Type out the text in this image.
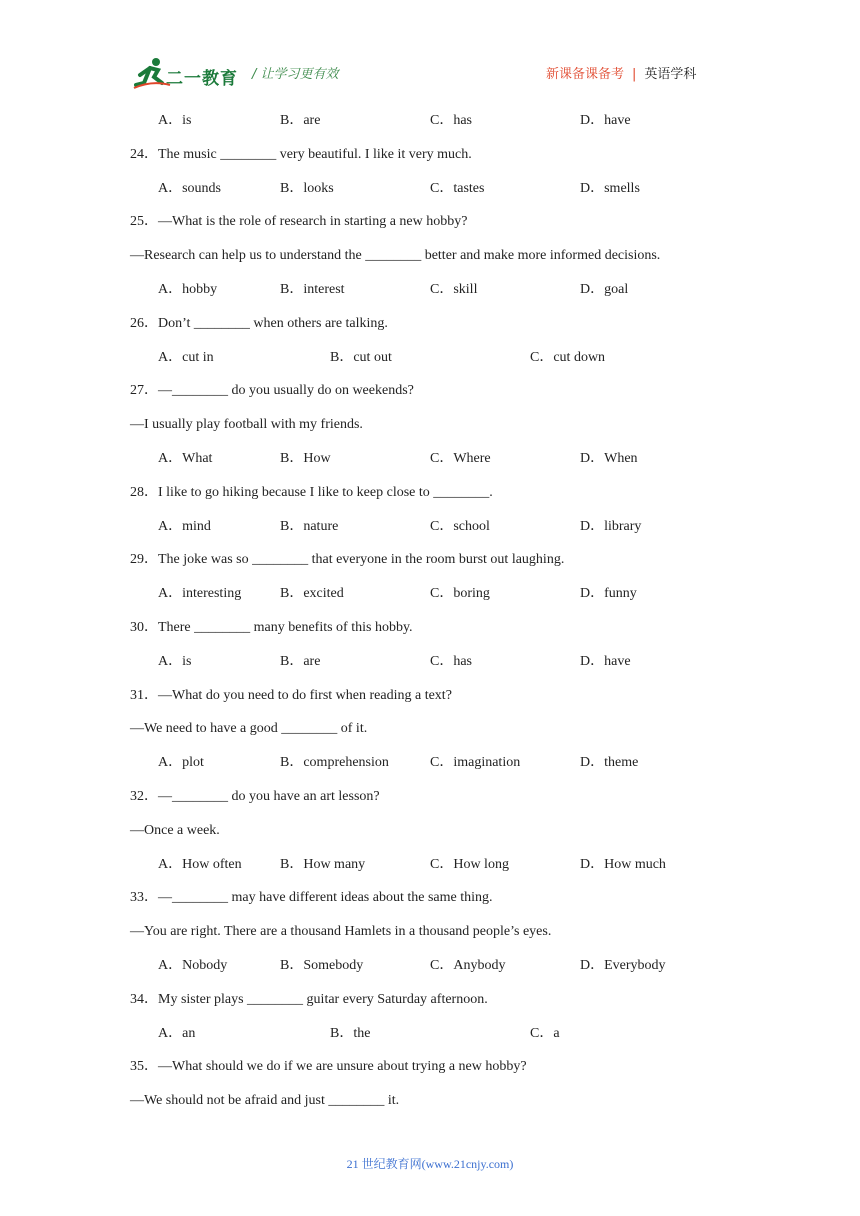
二一教育 / 让学习更有效	新课备课备考 | 英语学科
A．is	B．are	C．has	D．have
24．The music ________ very beautiful. I like it very much.
A．sounds	B．looks	C．tastes	D．smells
25．—What is the role of research in starting a new hobby?
—Research can help us to understand the ________ better and make more informed decisions.
A．hobby	B．interest	C．skill	D．goal
26．Don’t ________ when others are talking.
A．cut in	B．cut out	C．cut down
27．—________ do you usually do on weekends?
—I usually play football with my friends.
A．What	B．How	C．Where	D．When
28．I like to go hiking because I like to keep close to ________.
A．mind	B．nature	C．school	D．library
29．The joke was so ________ that everyone in the room burst out laughing.
A．interesting	B．excited	C．boring	D．funny
30．There ________ many benefits of this hobby.
A．is	B．are	C．has	D．have
31．—What do you need to do first when reading a text?
—We need to have a good ________ of it.
A．plot	B．comprehension	C．imagination	D．theme
32．—________ do you have an art lesson?
—Once a week.
A．How often	B．How many	C．How long	D．How much
33．—________ may have different ideas about the same thing.
—You are right. There are a thousand Hamlets in a thousand people’s eyes.
A．Nobody	B．Somebody	C．Anybody	D．Everybody
34．My sister plays ________ guitar every Saturday afternoon.
A．an	B．the	C．a
35．—What should we do if we are unsure about trying a new hobby?
—We should not be afraid and just ________ it.
21 世纪教育网(www.21cnjy.com)
